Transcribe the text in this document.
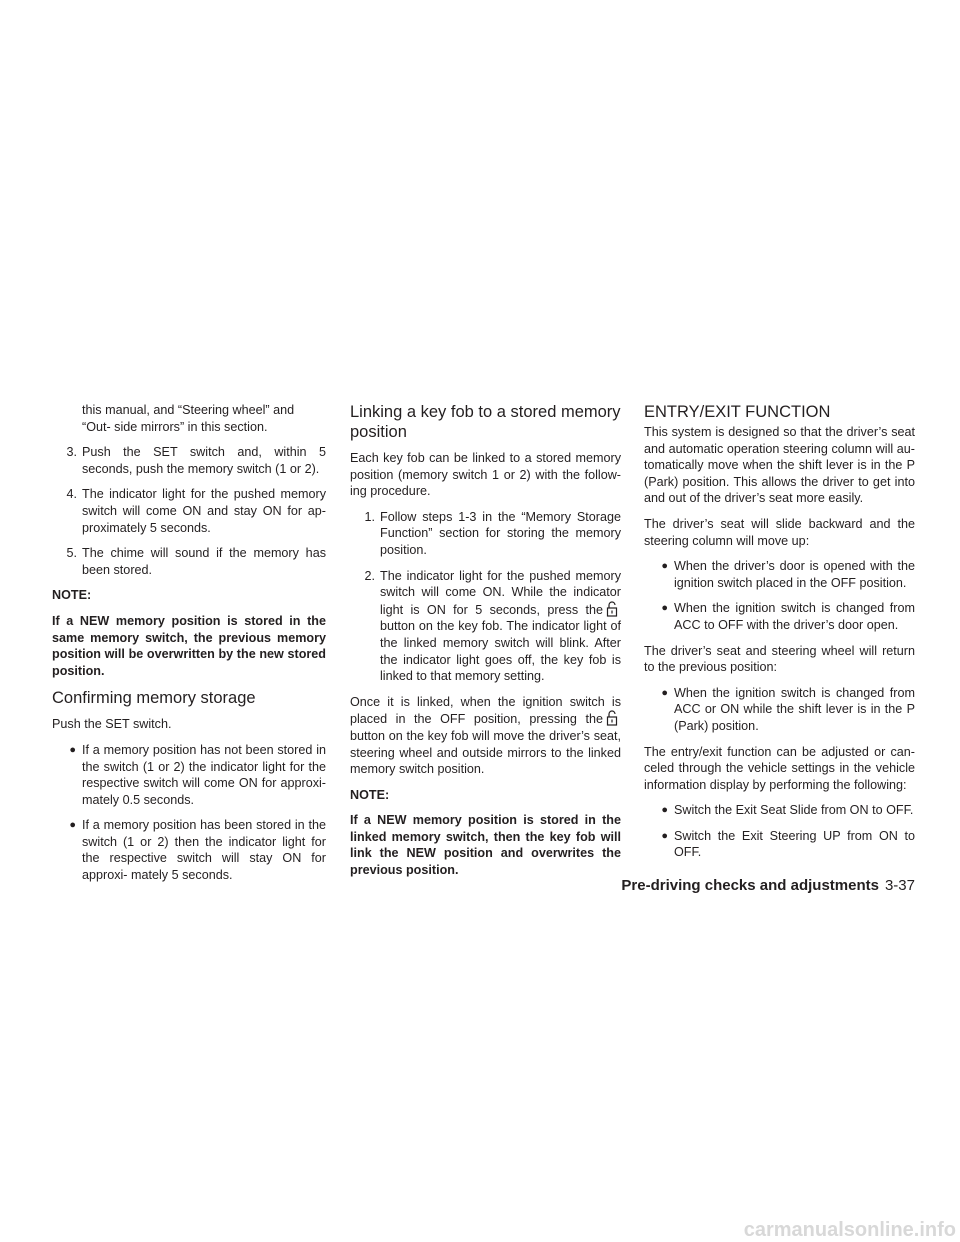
this manual, and “Steering wheel” and “Out- side mirrors” in this section.
3. Push the SET switch and, within 5 seconds, push the memory switch (1 or 2).
4. The indicator light for the pushed memory switch will come ON and stay ON for ap- proximately 5 seconds.
5. The chime will sound if the memory has been stored.

NOTE:

If a NEW memory position is stored in the same memory switch, the previous memory position will be overwritten by the new stored position.

Confirming memory storage

Push the SET switch.

● If a memory position has not been stored in the switch (1 or 2) the indicator light for the respective switch will come ON for approxi- mately 0.5 seconds.
● If a memory position has been stored in the switch (1 or 2) then the indicator light for the respective switch will stay ON for approxi- mately 5 seconds.
Linking a key fob to a stored memory position

Each key fob can be linked to a stored memory position (memory switch 1 or 2) with the follow- ing procedure.

1. Follow steps 1-3 in the “Memory Storage Function” section for storing the memory position.
2. The indicator light for the pushed memory switch will come ON. While the indicator light is ON for 5 seconds, press thebutton on the key fob. The indicator light of the linked memory switch will blink. After the indicator light goes off, the key fob is linked to that memory setting.

Once it is linked, when the ignition switch is placed in the OFF position, pressing thebutton on the key fob will move the driver’s seat, steering wheel and outside mirrors to the linked memory switch position.

NOTE:

If a NEW memory position is stored in the linked memory switch, then the key fob will link the NEW position and overwrites the previous position.

ENTRY/EXIT FUNCTION

This system is designed so that the driver’s seat and automatic operation steering column will au- tomatically move when the shift lever is in the P (Park) position. This allows the driver to get into and out of the driver’s seat more easily.

The driver’s seat will slide backward and the steering column will move up:

● When the driver’s door is opened with the ignition switch placed in the OFF position.
● When the ignition switch is changed from ACC to OFF with the driver’s door open.

The driver’s seat and steering wheel will return to the previous position:

● When the ignition switch is changed from ACC or ON while the shift lever is in the P (Park) position.

The entry/exit function can be adjusted or can- celed through the vehicle settings in the vehicle information display by performing the following:

● Switch the Exit Seat Slide from ON to OFF.
● Switch the Exit Steering UP from ON to OFF.
Pre-driving checks and adjustments 3-37
carmanualsonline.info
